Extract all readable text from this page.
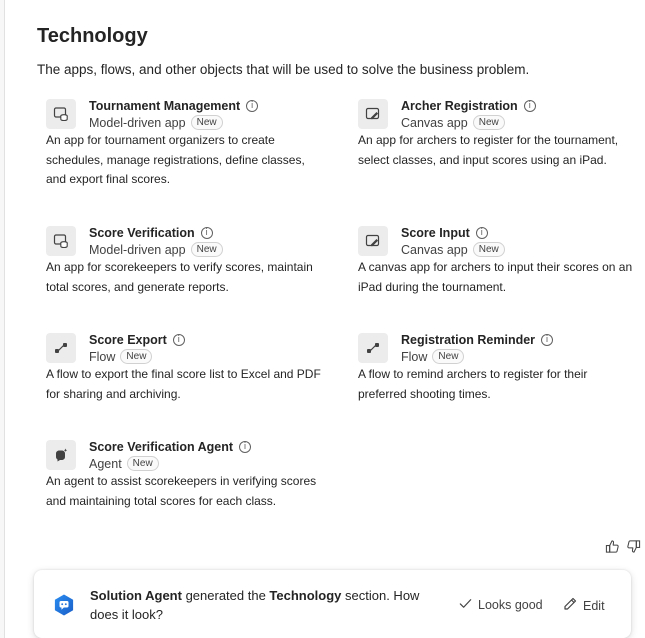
Technology
The apps, flows, and other objects that will be used to solve the business problem.
Tournament Management	i
Model-driven app	New
An app for tournament organizers to create schedules, manage registrations, define classes, and export final scores.
Archer Registration	i
Canvas app	New
An app for archers to register for the tournament, select classes, and input scores using an iPad.
Score Verification	i
Model-driven app	New
An app for scorekeepers to verify scores, maintain total scores, and generate reports.
Score Input	i
Canvas app	New
A canvas app for archers to input their scores on an iPad during the tournament.
Score Export	i
Flow	New
A flow to export the final score list to Excel and PDF for sharing and archiving.
Registration Reminder	i
Flow	New
A flow to remind archers to register for their preferred shooting times.
Score Verification Agent	i
Agent	New
An agent to assist scorekeepers in verifying scores and maintaining total scores for each class.
Solution Agent generated the Technology section. How does it look?
Looks good	Edit
